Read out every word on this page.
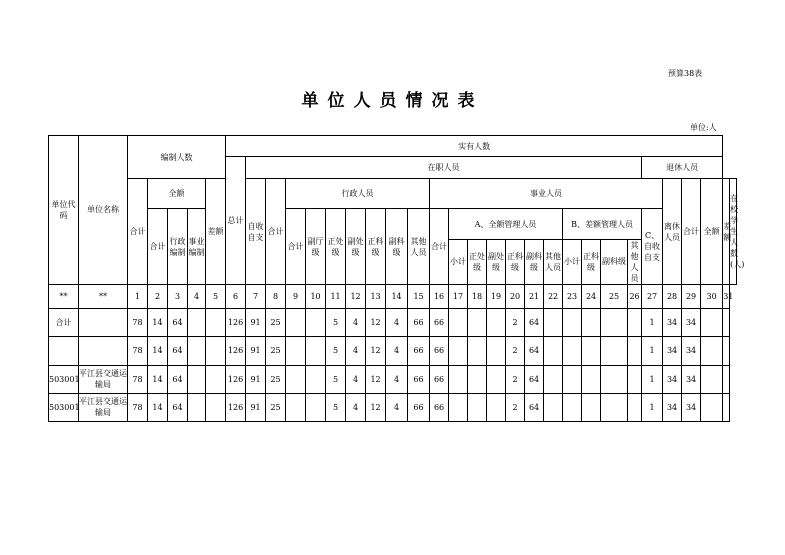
预算38表
单位人员情况表
单位:人
单位代码	单位名称	编制人数					实有人数																										
							总计	在职人员																				退休人员					
		合计	全额			差额		自收自支	合计	行政人员							事业人员												离休人员	合计	全额	差额	在校学生人数(人)
			合计	行政编制	事业编制					合计	副厅级	正处级	副处级	正科级	副科级	其他人员	合计	A、全额管理人员						B、差额管理人员				C、自收自支					
																		小计	正处级	副处级	正科级	副科级	其他人员	小计	正科级	副科级	其他人员						

**	**	1	2	3	4	5	6	7	8	9	10	11	12	13	14	15	16	17	18	19	20	21	22	23	24	25	26	27	28	29	30	31	
合计		78	14	64			126	91	25			5	4	12	4	66	66				2	64						1	34	34			
		78	14	64			126	91	25			5	4	12	4	66	66				2	64						1	34	34			
503001	平江县交通运输局	78	14	64			126	91	25			5	4	12	4	66	66				2	64						1	34	34			
503001	平江县交通运输局	78	14	64			126	91	25			5	4	12	4	66	66				2	64						1	34	34			
